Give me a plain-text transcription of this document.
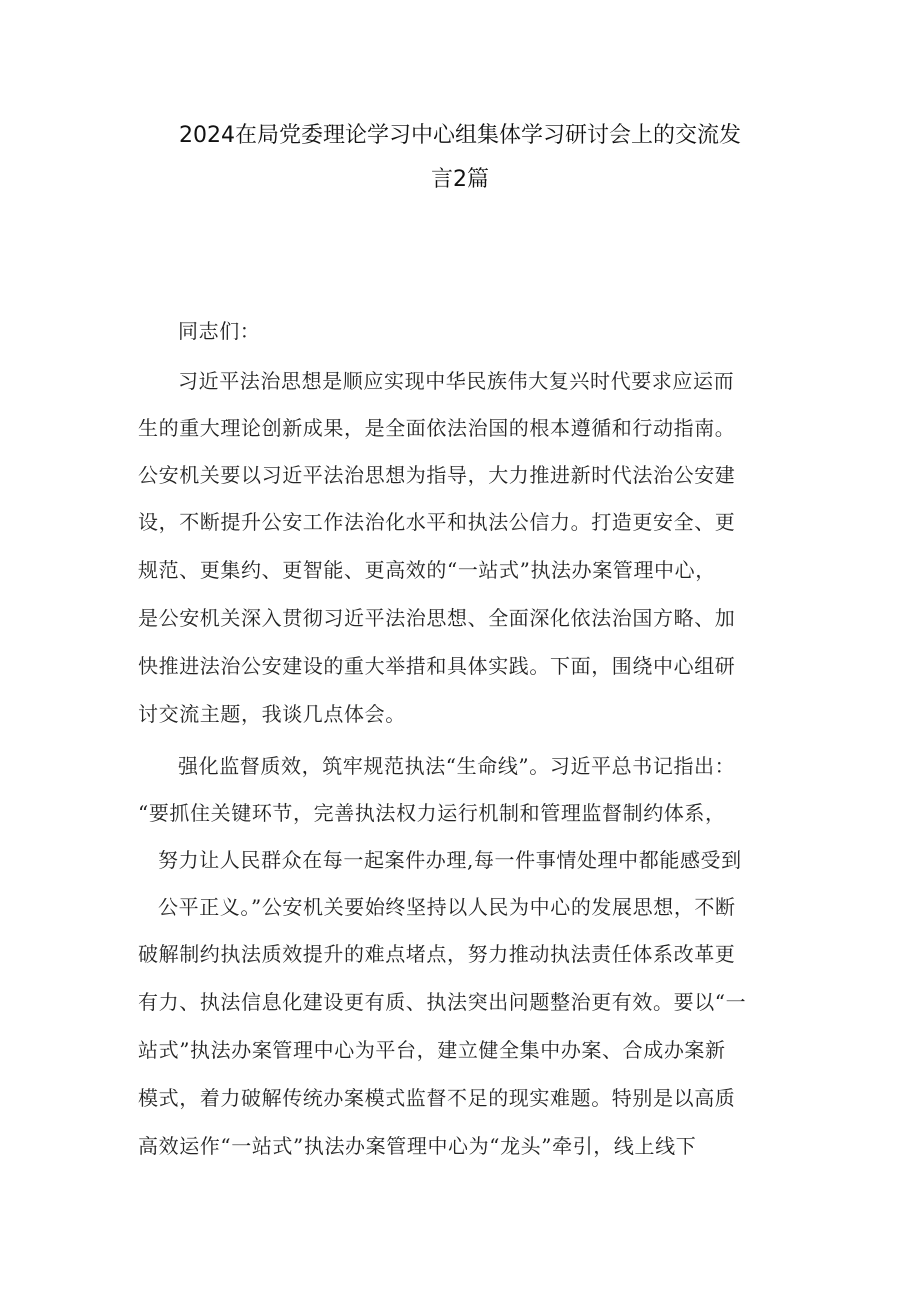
2024在局党委理论学习中心组集体学习研讨会上的交流发
言2篇

同志们：

习近平法治思想是顺应实现中华民族伟大复兴时代要求应运而

生的重大理论创新成果，是全面依法治国的根本遵循和行动指南。

公安机关要以习近平法治思想为指导，大力推进新时代法治公安建

设，不断提升公安工作法治化水平和执法公信力。打造更安全、更

规范、更集约、更智能、更高效的“一站式”执法办案管理中心，

是公安机关深入贯彻习近平法治思想、全面深化依法治国方略、加

快推进法治公安建设的重大举措和具体实践。下面，围绕中心组研

讨交流主题，我谈几点体会。

强化监督质效，筑牢规范执法“生命线”。习近平总书记指出：

“要抓住关键环节，完善执法权力运行机制和管理监督制约体系，

努力让人民群众在每一起案件办理,每一件事情处理中都能感受到

公平正义。”公安机关要始终坚持以人民为中心的发展思想，不断

破解制约执法质效提升的难点堵点，努力推动执法责任体系改革更

有力、执法信息化建设更有质、执法突出问题整治更有效。要以“一

站式”执法办案管理中心为平台，建立健全集中办案、合成办案新

模式，着力破解传统办案模式监督不足的现实难题。特别是以高质

高效运作“一站式”执法办案管理中心为“龙头”牵引，线上线下
